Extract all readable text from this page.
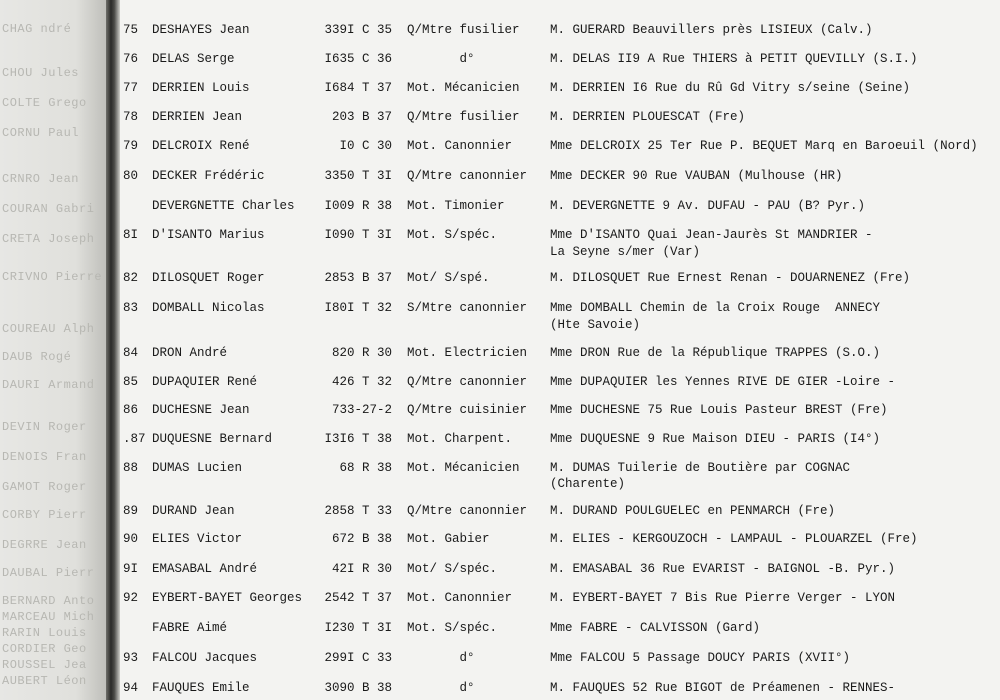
CHAG ndré
CHOU Jules
COLTE Grego
CORNU Paul
CRNRO Jean
COURAN Gabri
CRETA Joseph
CRIVNO Pierre
COUREAU Alph
DAUB Rogé
DAURI Armand
DEVIN Roger
DENOIS Fran
GAMOT Roger
CORBY Pierr
DEGRRE Jean
DAUBAL Pierr
BERNARD Anto
MARCEAU Mich
RARIN Louis
CORDIER Geo
ROUSSEL Jea
AUBERT Léon
75 DESHAYES Jean	339I C 35 Q/Mtre fusilier M. GUERARD Beauvillers près LISIEUX (Calv.)
76 DELAS Serge	I635 C 36 d°	M. DELAS II9 A Rue THIERS à PETIT QUEVILLY (S.I.)
77 DERRIEN Louis	I684 T 37 Mot. Mécanicien M. DERRIEN I6 Rue du Rû Gd Vitry s/seine (Seine)
78 DERRIEN Jean	203 B 37 Q/Mtre fusilier M. DERRIEN PLOUESCAT (Fre)
79 DELCROIX René	I0 C 30 Mot. Canonnier	Mme DELCROIX 25 Ter Rue P. BEQUET Marq en Baroeuil (Nord)
80 DECKER Frédéric	3350 T 3I Q/Mtre canonnier Mme DECKER 90 Rue VAUBAN (Mulhouse (HR)
DEVERGNETTE Charles	I009 R 38 Mot. Timonier	M. DEVERGNETTE 9 Av. DUFAU - PAU (B? Pyr.)
8I D'ISANTO Marius	I090 T 3I Mot. S/spéc.	Mme D'ISANTO Quai Jean-Jaurès St MANDRIER -
La Seyne s/mer (Var)
82 DILOSQUET Roger	2853 B 37 Mot/ S/spé.	M. DILOSQUET Rue Ernest Renan - DOUARNENEZ (Fre)
83 DOMBALL Nicolas	I80I T 32 S/Mtre canonnier Mme DOMBALL Chemin de la Croix Rouge  ANNECY
(Hte Savoie)
84 DRON André	820 R 30 Mot. Electricien Mme DRON Rue de la République TRAPPES (S.O.)
85 DUPAQUIER René	426 T 32 Q/Mtre canonnier Mme DUPAQUIER les Yennes RIVE DE GIER -Loire -
86 DUCHESNE Jean	733-27-2 Q/Mtre cuisinier Mme DUCHESNE 75 Rue Louis Pasteur BREST (Fre)
.87 DUQUESNE Bernard	I3I6 T 38 Mot. Charpent.	Mme DUQUESNE 9 Rue Maison DIEU - PARIS (I4°)
88 DUMAS Lucien	68 R 38 Mot. Mécanicien M. DUMAS Tuilerie de Boutière par COGNAC
(Charente)
89 DURAND Jean	2858 T 33 Q/Mtre canonnier M. DURAND POULGUELEC en PENMARCH (Fre)
90 ELIES Victor	672 B 38 Mot. Gabier	M. ELIES - KERGOUZOCH - LAMPAUL - PLOUARZEL (Fre)
9I EMASABAL André	42I R 30 Mot/ S/spéc.	M. EMASABAL 36 Rue EVARIST - BAIGNOL -B. Pyr.)
92 EYBERT-BAYET Georges	2542 T 37 Mot. Canonnier	M. EYBERT-BAYET 7 Bis Rue Pierre Verger - LYON
FABRE Aimé	I230 T 3I Mot. S/spéc.	Mme FABRE - CALVISSON (Gard)
93 FALCOU Jacques	299I C 33 d°	Mme FALCOU 5 Passage DOUCY PARIS (XVII°)
94 FAUQUES Emile	3090 B 38 d°	M. FAUQUES 52 Rue BIGOT de Préamenen - RENNES-
